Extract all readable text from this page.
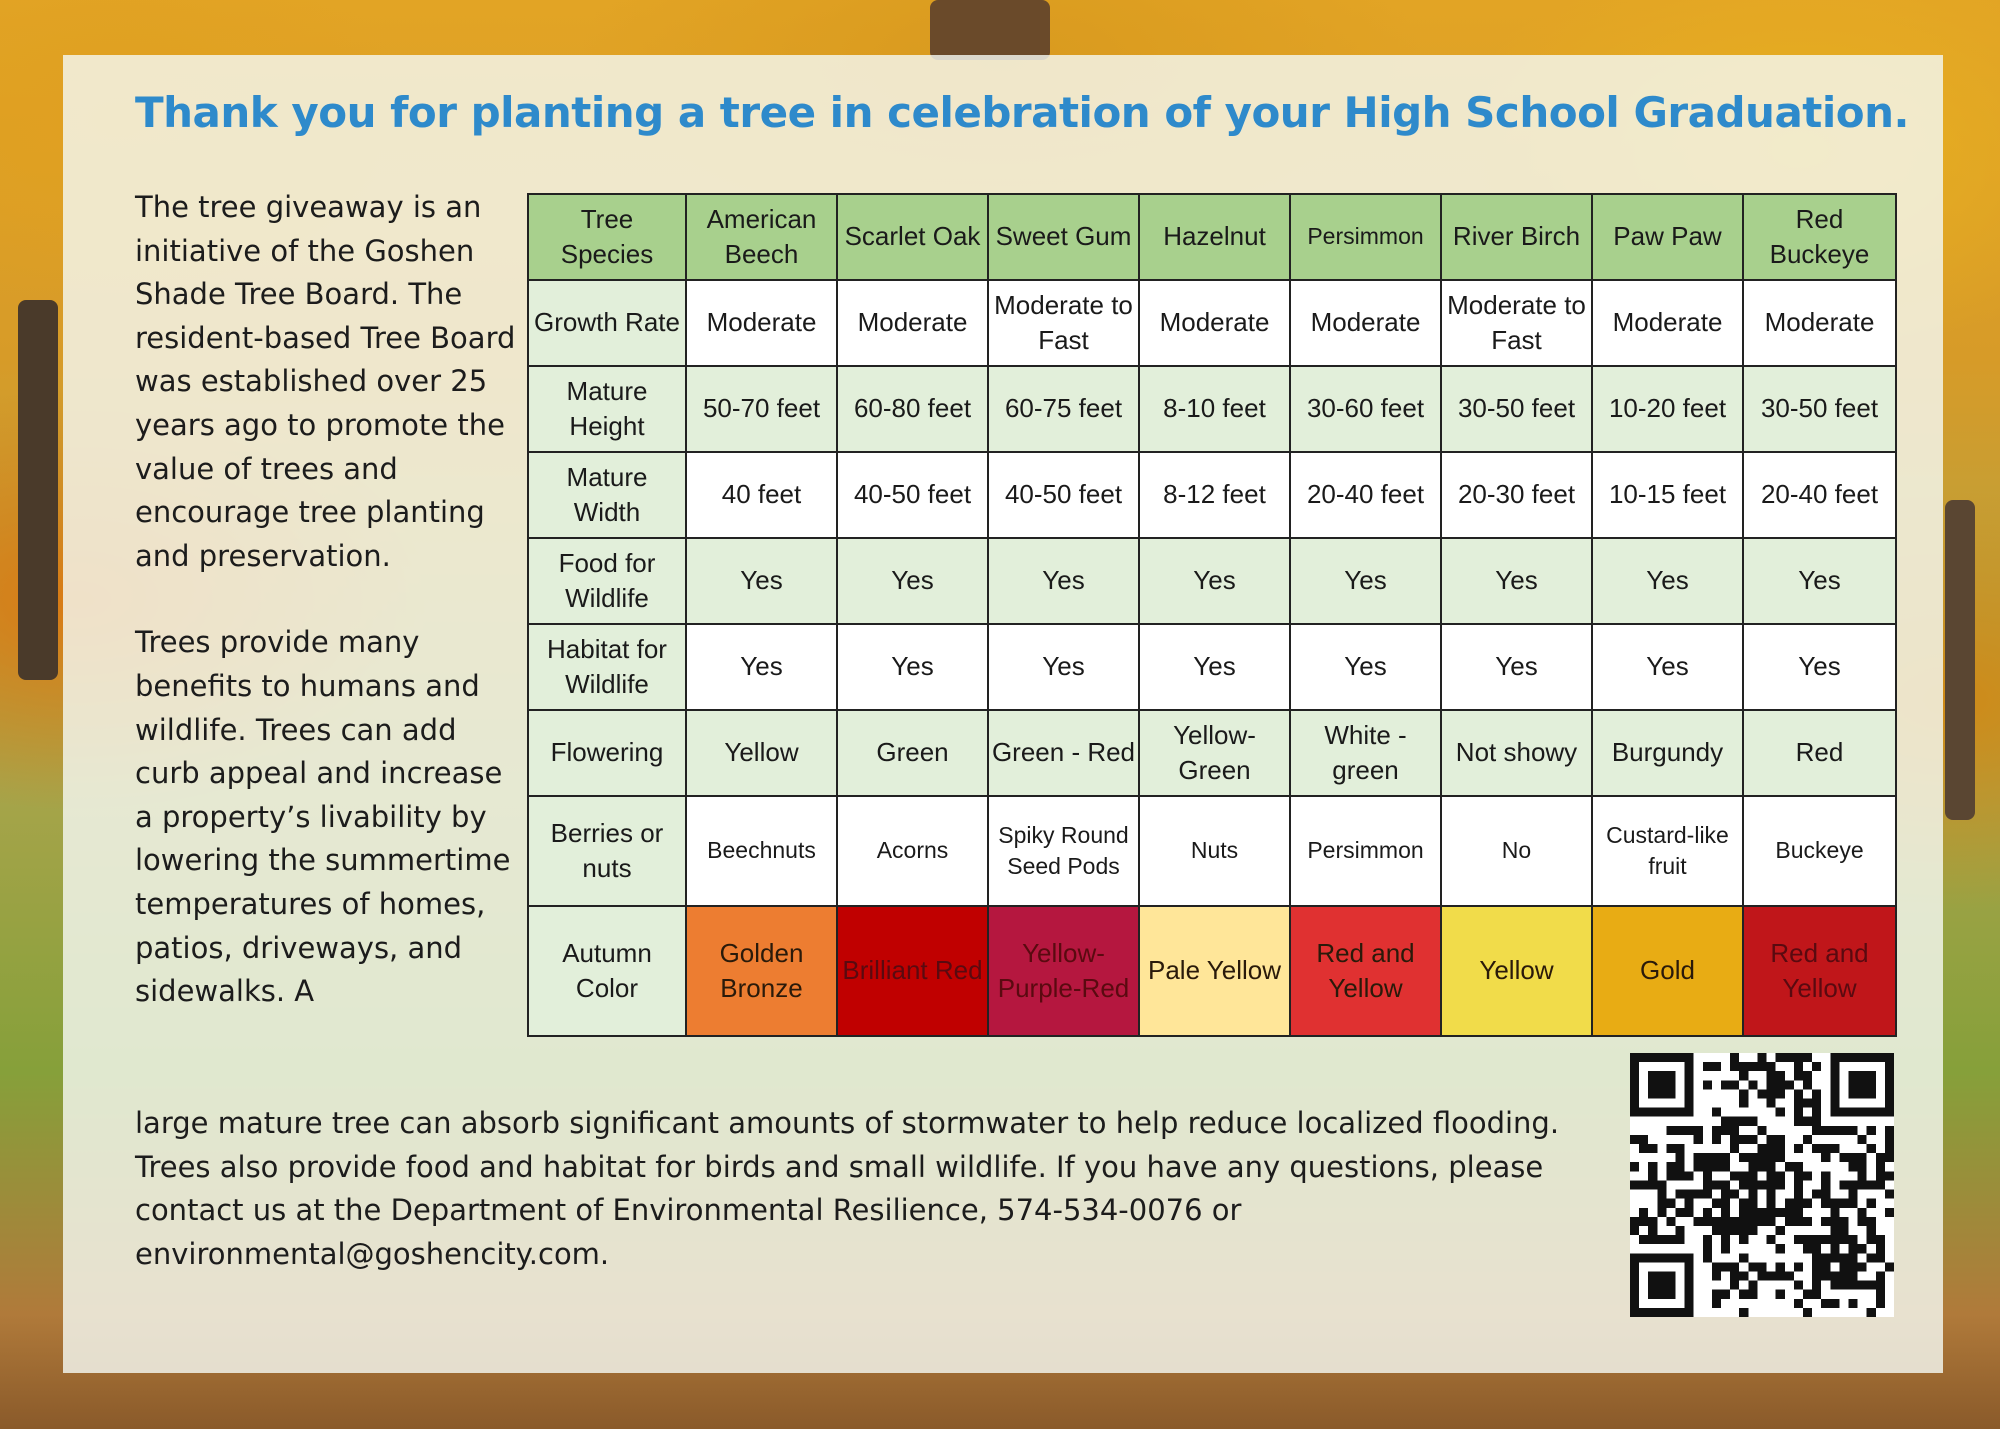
Thank you for planting a tree in celebration of your High School Graduation.

The tree giveaway is an initiative of the Goshen Shade Tree Board. The resident-based Tree Board was established over 25 years ago to promote the value of trees and encourage tree planting and preservation.

Trees provide many benefits to humans and wildlife. Trees can add curb appeal and increase a property’s livability by lowering the summertime temperatures of homes, patios, driveways, and sidewalks. A

Tree Species	American Beech	Scarlet Oak	Sweet Gum	Hazelnut	Persimmon	River Birch	Paw Paw	Red Buckeye
Growth Rate	Moderate	Moderate	Moderate to Fast	Moderate	Moderate	Moderate to Fast	Moderate	Moderate
Mature Height	50-70 feet	60-80 feet	60-75 feet	8-10 feet	30-60 feet	30-50 feet	10-20 feet	30-50 feet
Mature Width	40 feet	40-50 feet	40-50 feet	8-12 feet	20-40 feet	20-30 feet	10-15 feet	20-40 feet
Food for Wildlife	Yes	Yes	Yes	Yes	Yes	Yes	Yes	Yes
Habitat for Wildlife	Yes	Yes	Yes	Yes	Yes	Yes	Yes	Yes
Flowering	Yellow	Green	Green - Red	Yellow-Green	White - green	Not showy	Burgundy	Red
Berries or nuts	Beechnuts	Acorns	Spiky Round Seed Pods	Nuts	Persimmon	No	Custard-like fruit	Buckeye
Autumn Color	Golden Bronze	Brilliant Red	Yellow-Purple-Red	Pale Yellow	Red and Yellow	Yellow	Gold	Red and Yellow
large mature tree can absorb significant amounts of stormwater to help reduce localized flooding. Trees also provide food and habitat for birds and small wildlife. If you have any questions, please contact us at the Department of Environmental Resilience, 574-534-0076 or environmental@goshencity.com.
